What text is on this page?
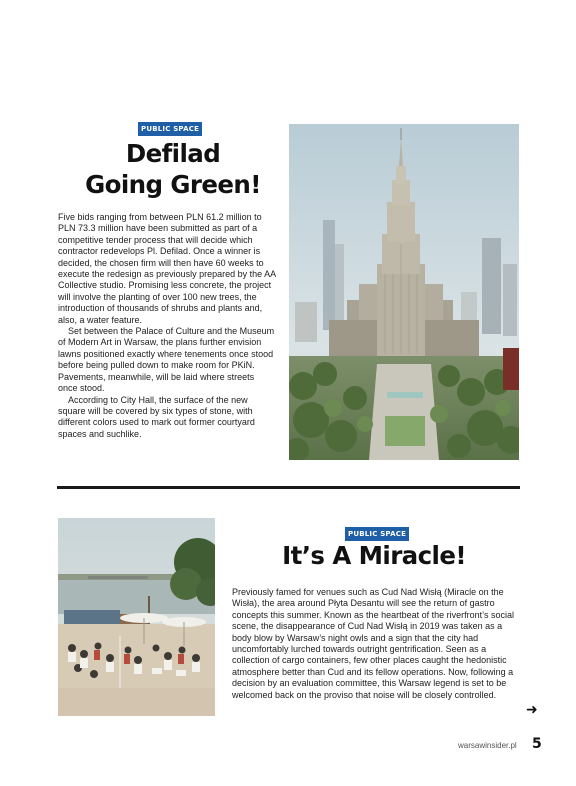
PUBLIC SPACE
Defilad
Going Green!

Five bids ranging from between PLN 61.2 million to PLN 73.3 million have been submitted as part of a competitive tender process that will decide which contractor redevelops Pl. Defilad. Once a winner is decided, the chosen firm will then have 60 weeks to execute the redesign as previously prepared by the AA Collective studio. Promising less concrete, the project will involve the planting of over 100 new trees, the introduction of thousands of shrubs and plants and, also, a water feature.

Set between the Palace of Culture and the Museum of Modern Art in Warsaw, the plans further envision lawns positioned exactly where tenements once stood before being pulled down to make room for PKiN. Pavements, meanwhile, will be laid where streets once stood.

According to City Hall, the surface of the new square will be covered by six types of stone, with different colors used to mark out former courtyard spaces and suchlike.

PUBLIC SPACE
It’s A Miracle!

Previously famed for venues such as Cud Nad Wisłą (Miracle on the Wisła), the area around Płyta Desantu will see the return of gastro concepts this summer. Known as the heartbeat of the riverfront’s social scene, the disappearance of Cud Nad Wisłą in 2019 was taken as a body blow by Warsaw’s night owls and a sign that the city had uncomfortably lurched towards outright gentrification. Seen as a collection of cargo containers, few other places caught the hedonistic atmosphere better than Cud and its fellow operations. Now, following a decision by an evaluation committee, this Warsaw legend is set to be welcomed back on the proviso that noise will be closely controlled.

➜
warsawinsider.pl 5
